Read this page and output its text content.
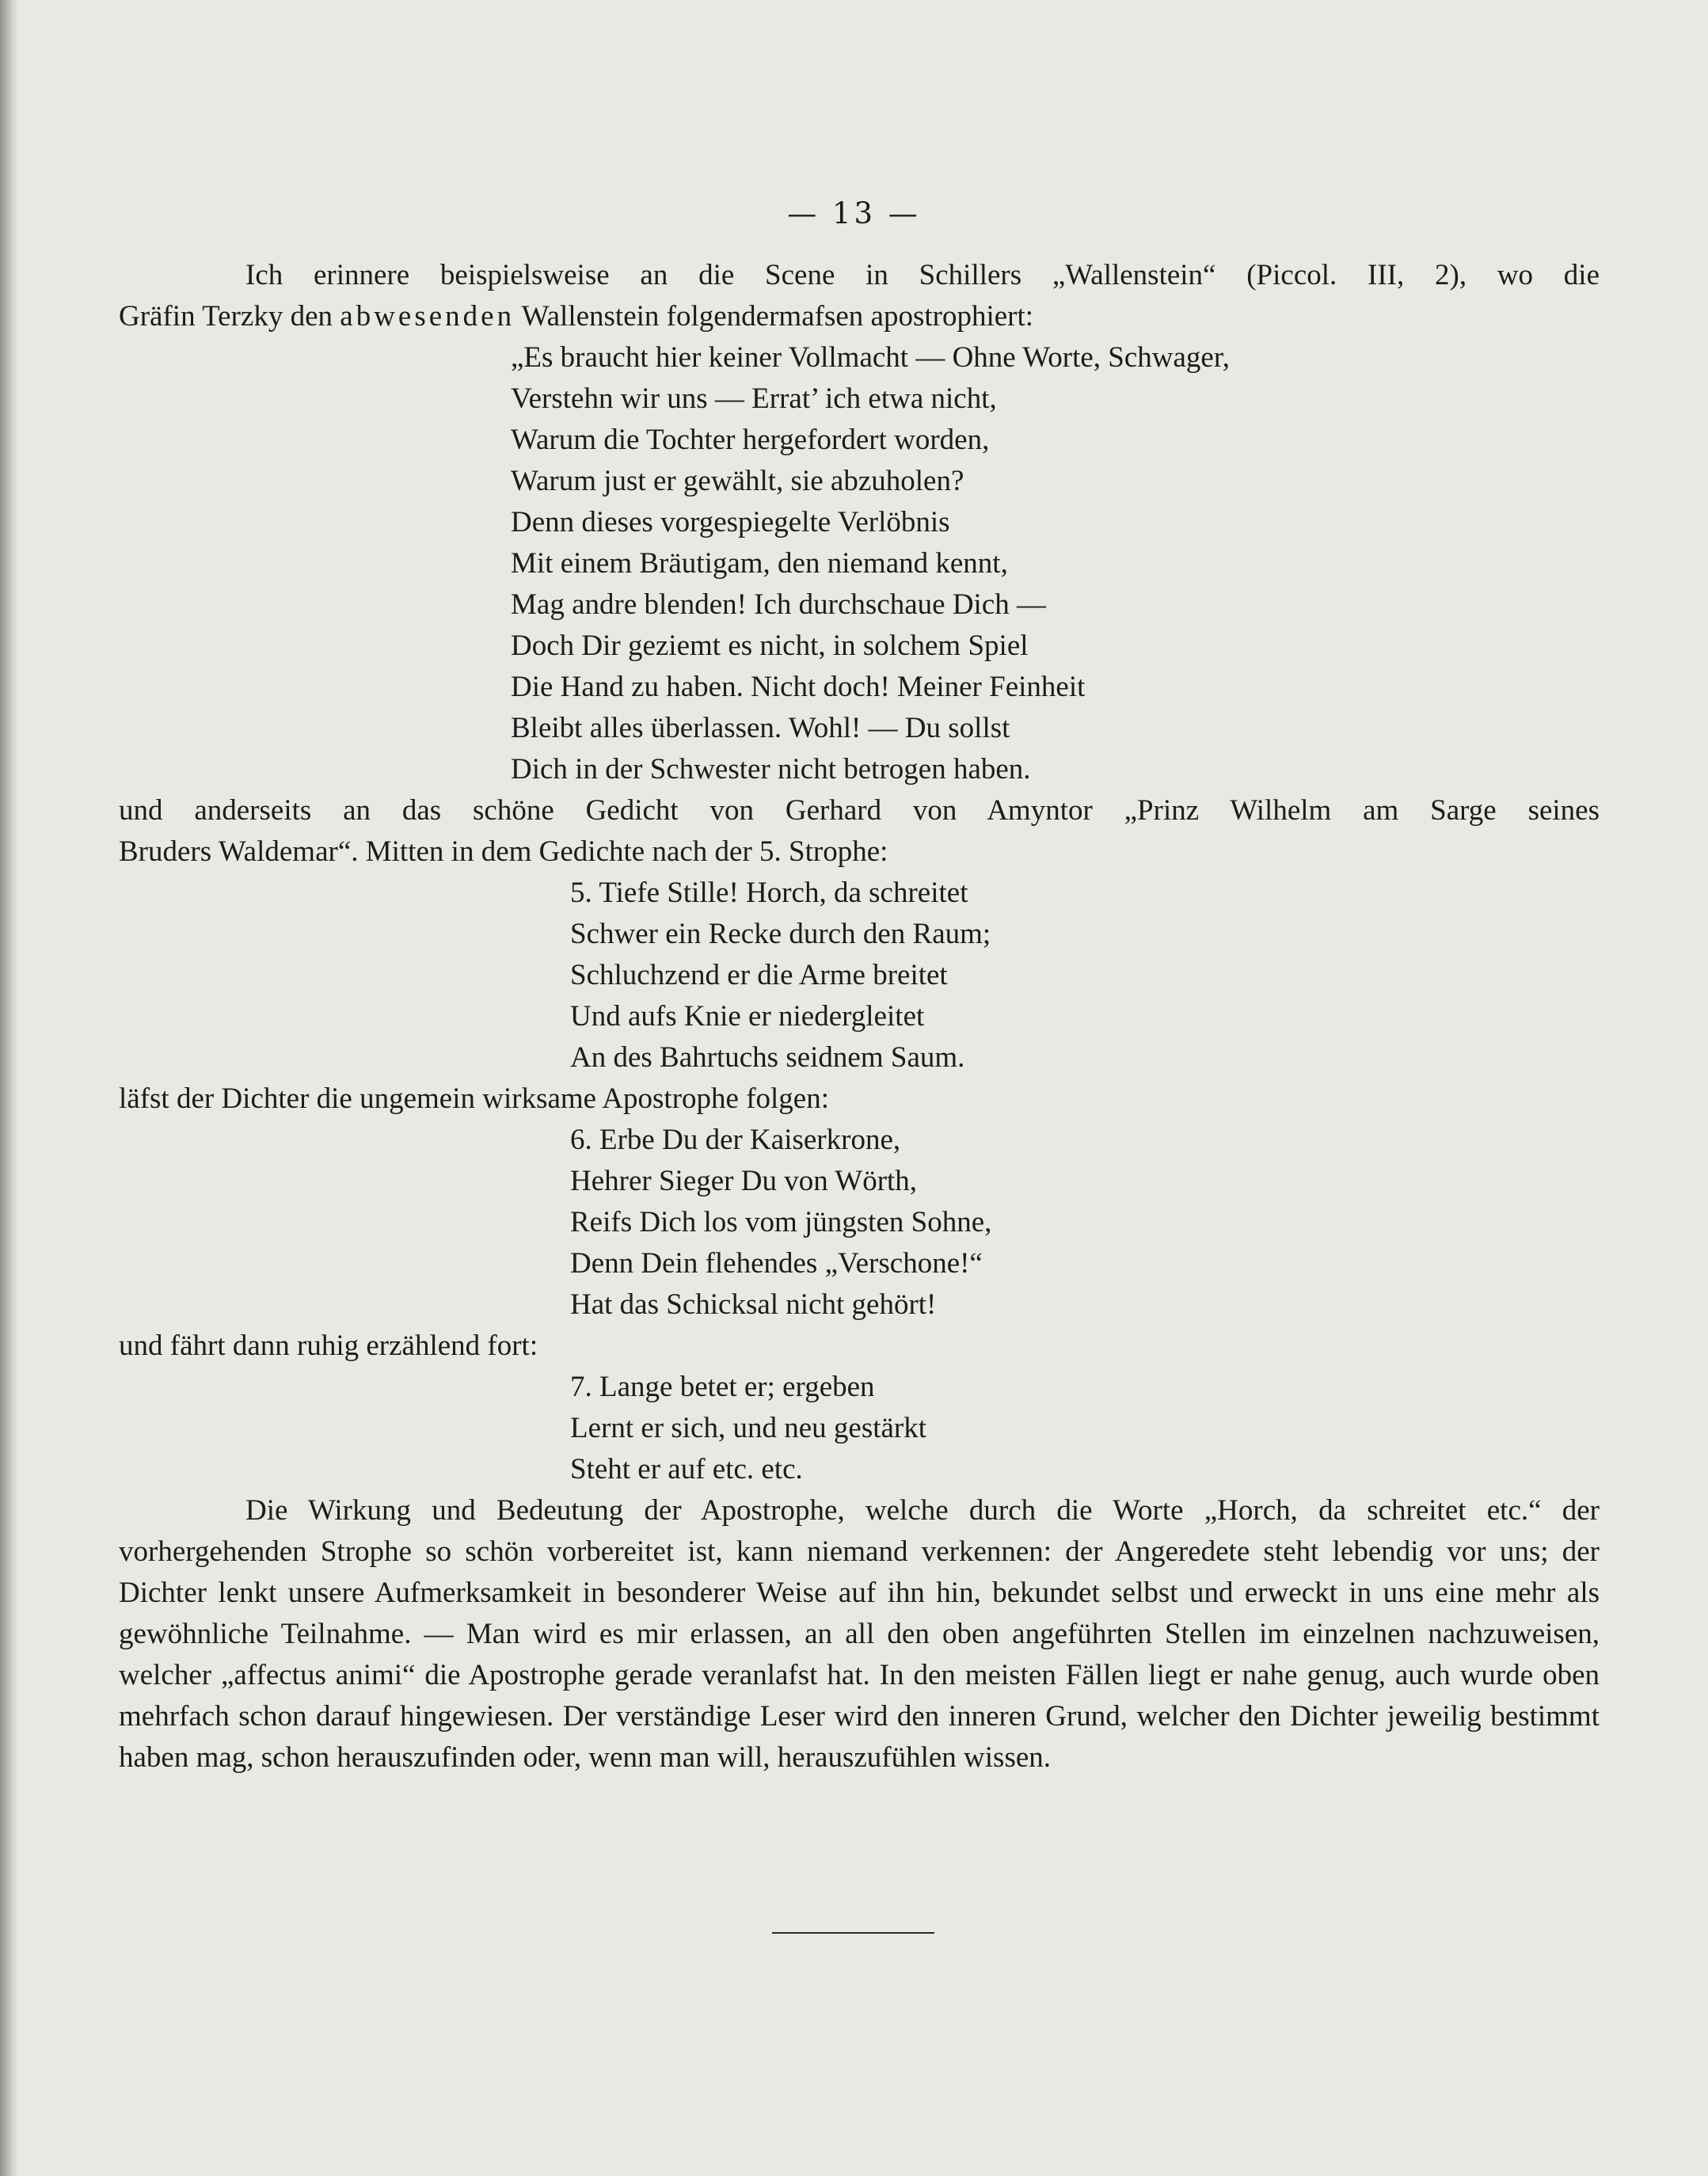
— 13 —

Ich erinnere beispielsweise an die Scene in Schillers „Wallenstein“ (Piccol. III, 2), wo die

Gräfin Terzky den abwesenden Wallenstein folgendermafsen apostrophiert:

„Es braucht hier keiner Vollmacht — Ohne Worte, Schwager,
Verstehn wir uns — Errat’ ich etwa nicht,
Warum die Tochter hergefordert worden,
Warum just er gewählt, sie abzuholen?
Denn dieses vorgespiegelte Verlöbnis
Mit einem Bräutigam, den niemand kennt,
Mag andre blenden! Ich durchschaue Dich —
Doch Dir geziemt es nicht, in solchem Spiel
Die Hand zu haben. Nicht doch! Meiner Feinheit
Bleibt alles überlassen. Wohl! — Du sollst
Dich in der Schwester nicht betrogen haben.

und anderseits an das schöne Gedicht von Gerhard von Amyntor „Prinz Wilhelm am Sarge seines

Bruders Waldemar“. Mitten in dem Gedichte nach der 5. Strophe:

5. Tiefe Stille! Horch, da schreitet
Schwer ein Recke durch den Raum;
Schluchzend er die Arme breitet
Und aufs Knie er niedergleitet
An des Bahrtuchs seidnem Saum.

läfst der Dichter die ungemein wirksame Apostrophe folgen:

6. Erbe Du der Kaiserkrone,
Hehrer Sieger Du von Wörth,
Reifs Dich los vom jüngsten Sohne,
Denn Dein flehendes „Verschone!“
Hat das Schicksal nicht gehört!

und fährt dann ruhig erzählend fort:

7. Lange betet er; ergeben
Lernt er sich, und neu gestärkt
Steht er auf etc. etc.

Die Wirkung und Bedeutung der Apostrophe, welche durch die Worte „Horch, da schreitet etc.“ der vorhergehenden Strophe so schön vorbereitet ist, kann niemand verkennen: der Angeredete steht lebendig vor uns; der Dichter lenkt unsere Aufmerksamkeit in besonderer Weise auf ihn hin, bekundet selbst und erweckt in uns eine mehr als gewöhnliche Teilnahme. — Man wird es mir erlassen, an all den oben angeführten Stellen im einzelnen nachzuweisen, welcher „affectus animi“ die Apostrophe gerade veranlafst hat. In den meisten Fällen liegt er nahe genug, auch wurde oben mehrfach schon darauf hingewiesen. Der verständige Leser wird den inneren Grund, welcher den Dichter jeweilig bestimmt haben mag, schon herauszufinden oder, wenn man will, herauszufühlen wissen.
